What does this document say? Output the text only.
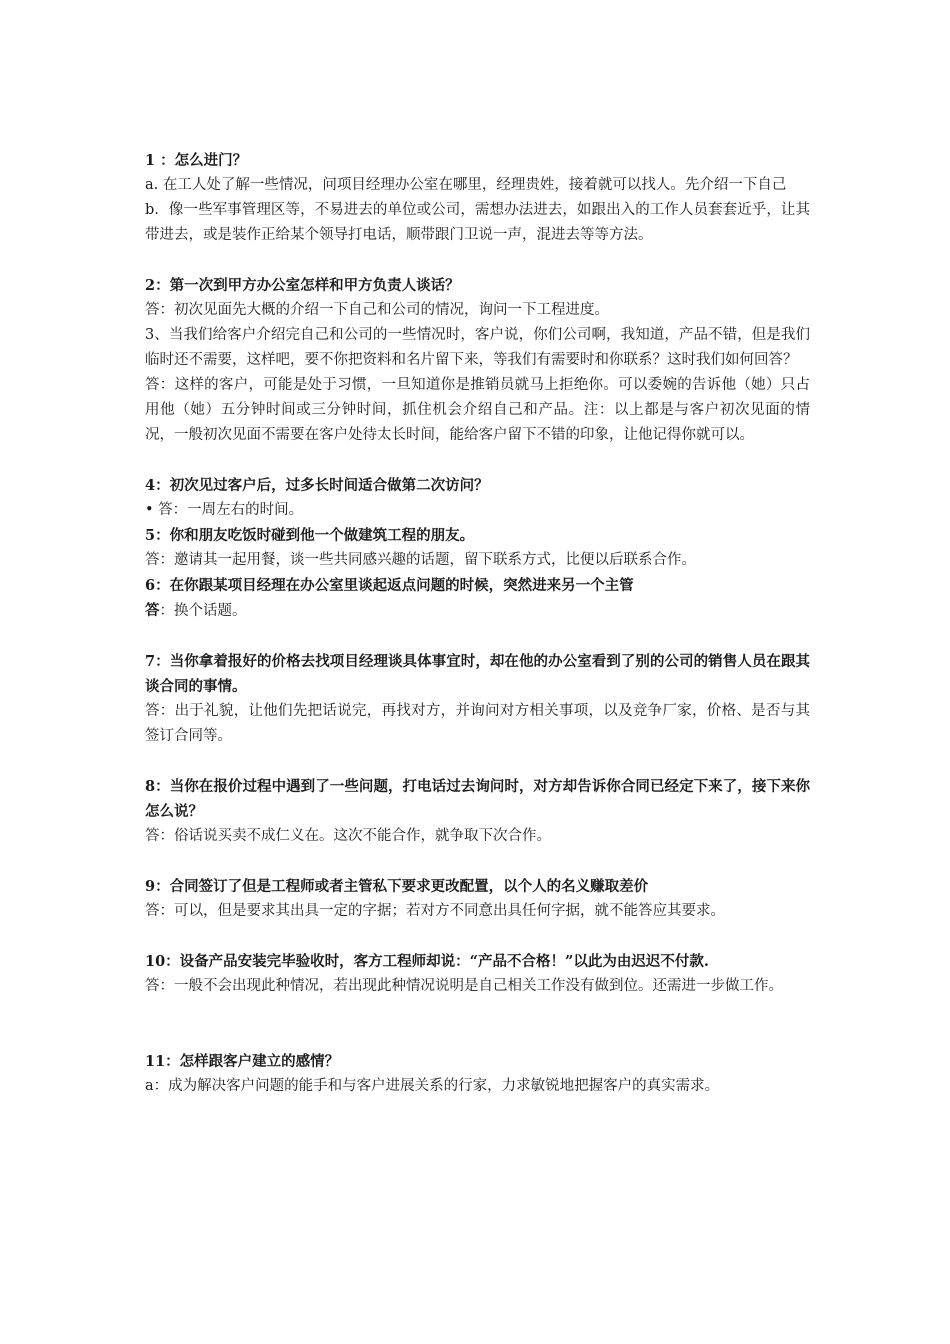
1 ：怎么进门？
a. 在工人处了解一些情况，问项目经理办公室在哪里，经理贵姓，接着就可以找人。先介绍一下自己
b．像一些军事管理区等，不易进去的单位或公司，需想办法进去，如跟出入的工作人员套套近乎，让其带进去，或是装作正给某个领导打电话，顺带跟门卫说一声，混进去等等方法。
2：第一次到甲方办公室怎样和甲方负责人谈话？
答：初次见面先大概的介绍一下自己和公司的情况，询问一下工程进度。
3、当我们给客户介绍完自己和公司的一些情况时，客户说，你们公司啊，我知道，产品不错，但是我们临时还不需要，这样吧，要不你把资料和名片留下来，等我们有需要时和你联系？这时我们如何回答？
答：这样的客户，可能是处于习惯，一旦知道你是推销员就马上拒绝你。可以委婉的告诉他（她）只占用他（她）五分钟时间或三分钟时间，抓住机会介绍自己和产品。注：以上都是与客户初次见面的情况，一般初次见面不需要在客户处待太长时间，能给客户留下不错的印象，让他记得你就可以。
4：初次见过客户后，过多长时间适合做第二次访问？
• 答：一周左右的时间。
5：你和朋友吃饭时碰到他一个做建筑工程的朋友。
答：邀请其一起用餐，谈一些共同感兴趣的话题，留下联系方式，比便以后联系合作。
6：在你跟某项目经理在办公室里谈起返点问题的时候，突然进来另一个主管
答：换个话题。
7：当你拿着报好的价格去找项目经理谈具体事宜时，却在他的办公室看到了别的公司的销售人员在跟其谈合同的事情。
答：出于礼貌，让他们先把话说完，再找对方，并询问对方相关事项，以及竞争厂家，价格、是否与其签订合同等。
8：当你在报价过程中遇到了一些问题，打电话过去询问时，对方却告诉你合同已经定下来了，接下来你怎么说？
答：俗话说买卖不成仁义在。这次不能合作，就争取下次合作。
9：合同签订了但是工程师或者主管私下要求更改配置，以个人的名义赚取差价
答：可以，但是要求其出具一定的字据；若对方不同意出具任何字据，就不能答应其要求。
10：设备产品安装完毕验收时，客方工程师却说：“产品不合格！”以此为由迟迟不付款.
答：一般不会出现此种情况，若出现此种情况说明是自己相关工作没有做到位。还需进一步做工作。
11：怎样跟客户建立的感情？
a：成为解决客户问题的能手和与客户进展关系的行家，力求敏锐地把握客户的真实需求。
